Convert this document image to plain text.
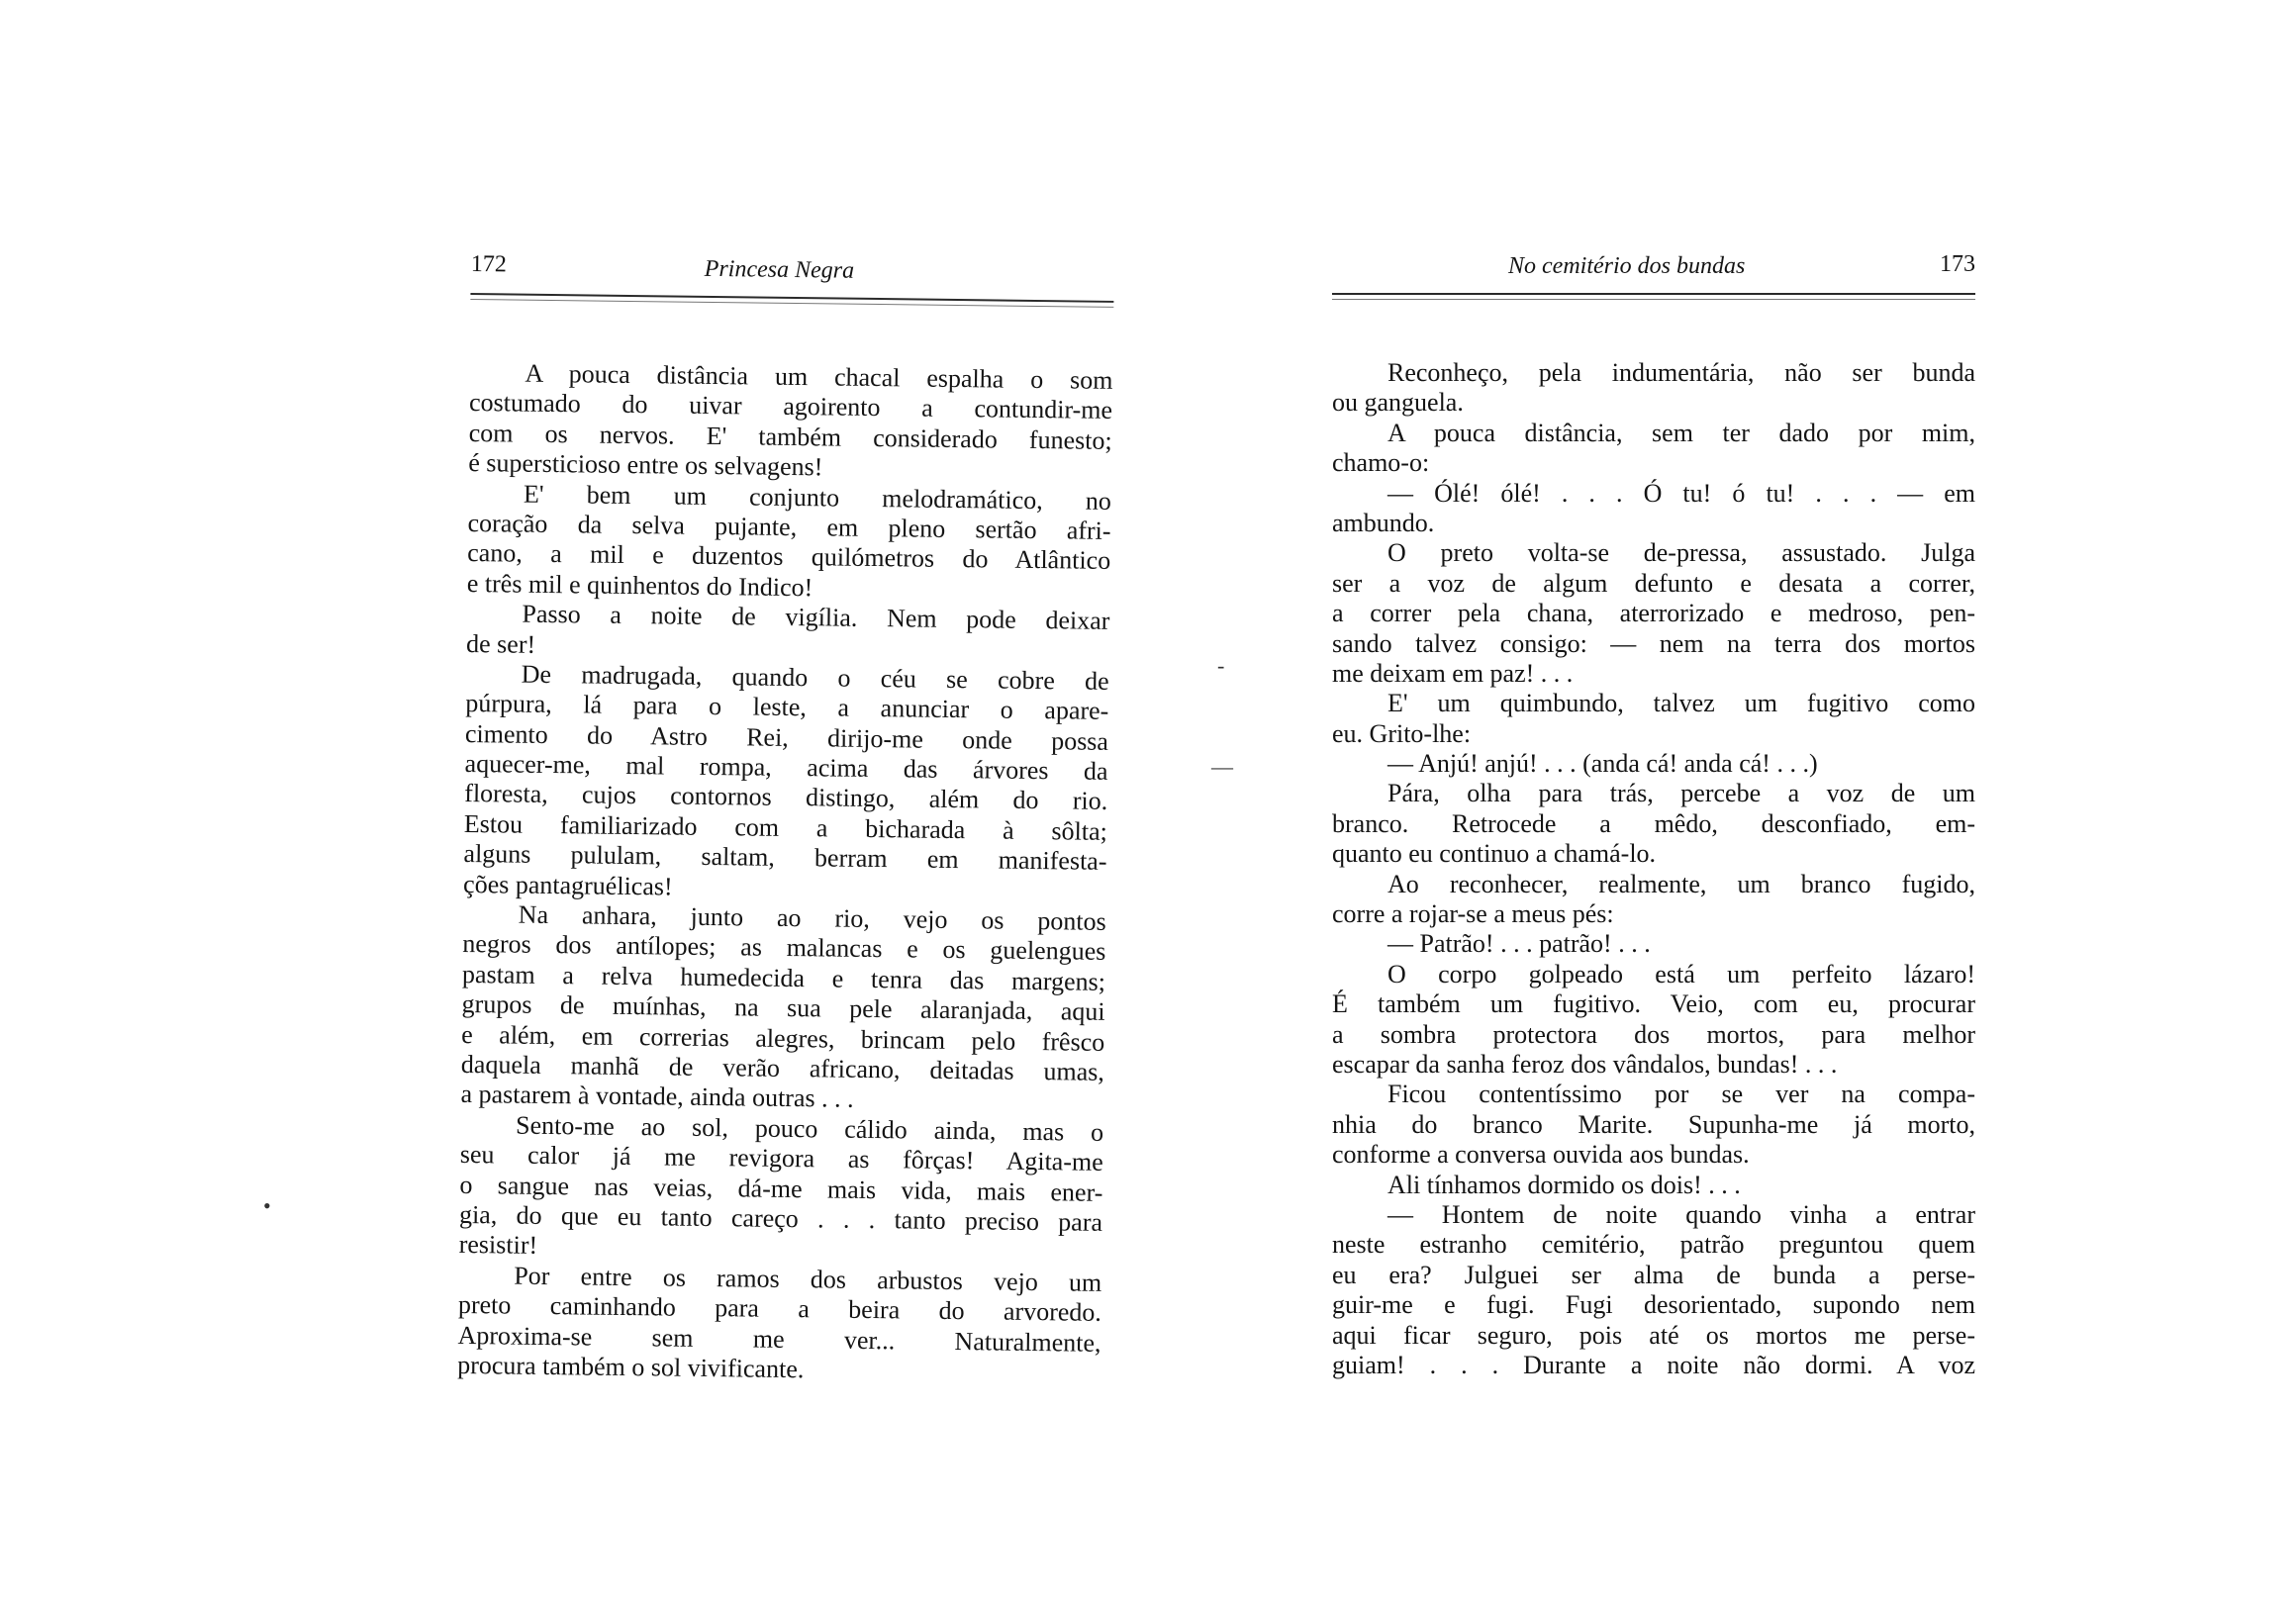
172	Princesa Negra
A pouca distância um chacal espalha o som
costumado do uivar agoirento a contundir-me
com os nervos. E' também considerado funesto;
é supersticioso entre os selvagens!
E' bem um conjunto melodramático, no
coração da selva pujante, em pleno sertão afri-
cano, a mil e duzentos quilómetros do Atlântico
e três mil e quinhentos do Indico!
Passo a noite de vigília. Nem pode deixar
de ser!
De madrugada, quando o céu se cobre de
púrpura, lá para o leste, a anunciar o apare-
cimento do Astro Rei, dirijo-me onde possa
aquecer-me, mal rompa, acima das árvores da
floresta, cujos contornos distingo, além do rio.
Estou familiarizado com a bicharada à sôlta;
alguns pululam, saltam, berram em manifesta-
ções pantagruélicas!
Na anhara, junto ao rio, vejo os pontos
negros dos antílopes; as malancas e os guelengues
pastam a relva humedecida e tenra das margens;
grupos de muínhas, na sua pele alaranjada, aqui
e além, em correrias alegres, brincam pelo frêsco
daquela manhã de verão africano, deitadas umas,
a pastarem à vontade, ainda outras . . .
Sento-me ao sol, pouco cálido ainda, mas o
seu calor já me revigora as fôrças! Agita-me
o sangue nas veias, dá-me mais vida, mais ener-
gia, do que eu tanto careço . . . tanto preciso para
resistir!
Por entre os ramos dos arbustos vejo um
preto caminhando para a beira do arvoredo.
Aproxima-se sem me ver... Naturalmente,
procura também o sol vivificante.
No cemitério dos bundas	173
Reconheço, pela indumentária, não ser bunda
ou ganguela.
A pouca distância, sem ter dado por mim,
chamo-o:
— Ólé! ólé! . . . Ó tu! ó tu! . . . — em
ambundo.
O preto volta-se de-pressa, assustado. Julga
ser a voz de algum defunto e desata a correr,
a correr pela chana, aterrorizado e medroso, pen-
sando talvez consigo: — nem na terra dos mortos
me deixam em paz! . . .
E' um quimbundo, talvez um fugitivo como
eu. Grito-lhe:
— Anjú! anjú! . . . (anda cá! anda cá! . . .)
Pára, olha para trás, percebe a voz de um
branco. Retrocede a mêdo, desconfiado, em-
quanto eu continuo a chamá-lo.
Ao reconhecer, realmente, um branco fugido,
corre a rojar-se a meus pés:
— Patrão! . . . patrão! . . .
O corpo golpeado está um perfeito lázaro!
É também um fugitivo. Veio, com eu, procurar
a sombra protectora dos mortos, para melhor
escapar da sanha feroz dos vândalos, bundas! . . .
Ficou contentíssimo por se ver na compa-
nhia do branco Marite. Supunha-me já morto,
conforme a conversa ouvida aos bundas.
Ali tínhamos dormido os dois! . . .
— Hontem de noite quando vinha a entrar
neste estranho cemitério, patrão preguntou quem
eu era? Julguei ser alma de bunda a perse-
guir-me e fugi. Fugi desorientado, supondo nem
aqui ficar seguro, pois até os mortos me perse-
guiam! . . . Durante a noite não dormi. A voz
-
—
•
